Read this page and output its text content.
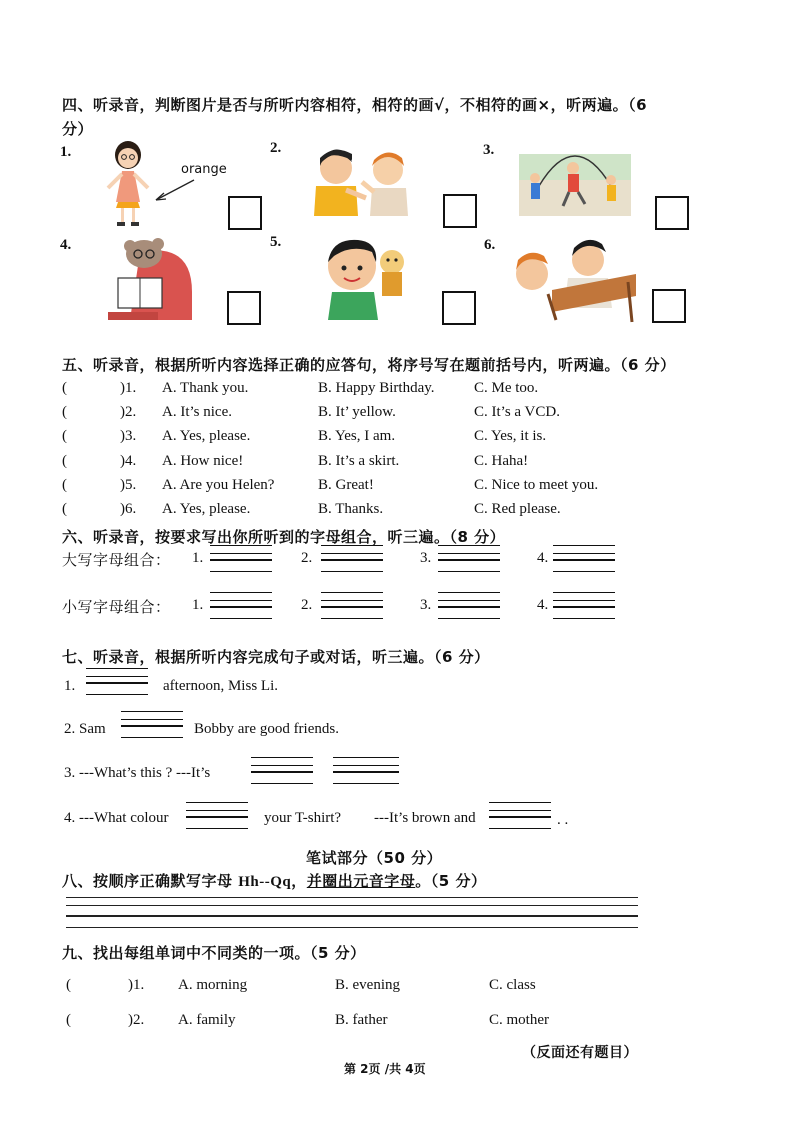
四、听录音，判断图片是否与所听内容相符，相符的画√，不相符的画×，听两遍。（6
分）
1.
orange
2.	3.
4.	5.	6.
五、听录音，根据所听内容选择正确的应答句，将序号写在题前括号内，听两遍。（6 分）
(	)1. A. Thank you.	B. Happy Birthday.	C. Me too.
(	)2. A. It’s nice.	B. It’ yellow.	C. It’s a VCD.
(	)3. A. Yes, please.	B. Yes, I am.	C. Yes, it is.
(	)4. A. How nice!	B. It’s a skirt.	C. Haha!
(	)5. A. Are you Helen?	B. Great!	C. Nice to meet you.
(	)6. A. Yes, please.	B. Thanks.	C. Red please.
六、听录音，按要求写出你所听到的字母组合，听三遍。（8 分）
大写字母组合： 1.	2.	3.	4.
小写字母组合： 1.	2.	3.	4.
七、听录音，根据所听内容完成句子或对话，听三遍。（6 分）
1.	afternoon, Miss Li.
2. Sam	Bobby are good friends.
3. ---What’s this ? ---It’s
4. ---What colour	your T-shirt? ---It’s brown and	. .
笔试部分（50 分）
八、按顺序正确默写字母 Hh--Qq，并圈出元音字母。（5 分）
九、找出每组单词中不同类的一项。（5 分）
(	)1. A. morning	B. evening	C. class
(	)2. A. family	B. father	C. mother
（反面还有题目）
第 2页 /共 4页
